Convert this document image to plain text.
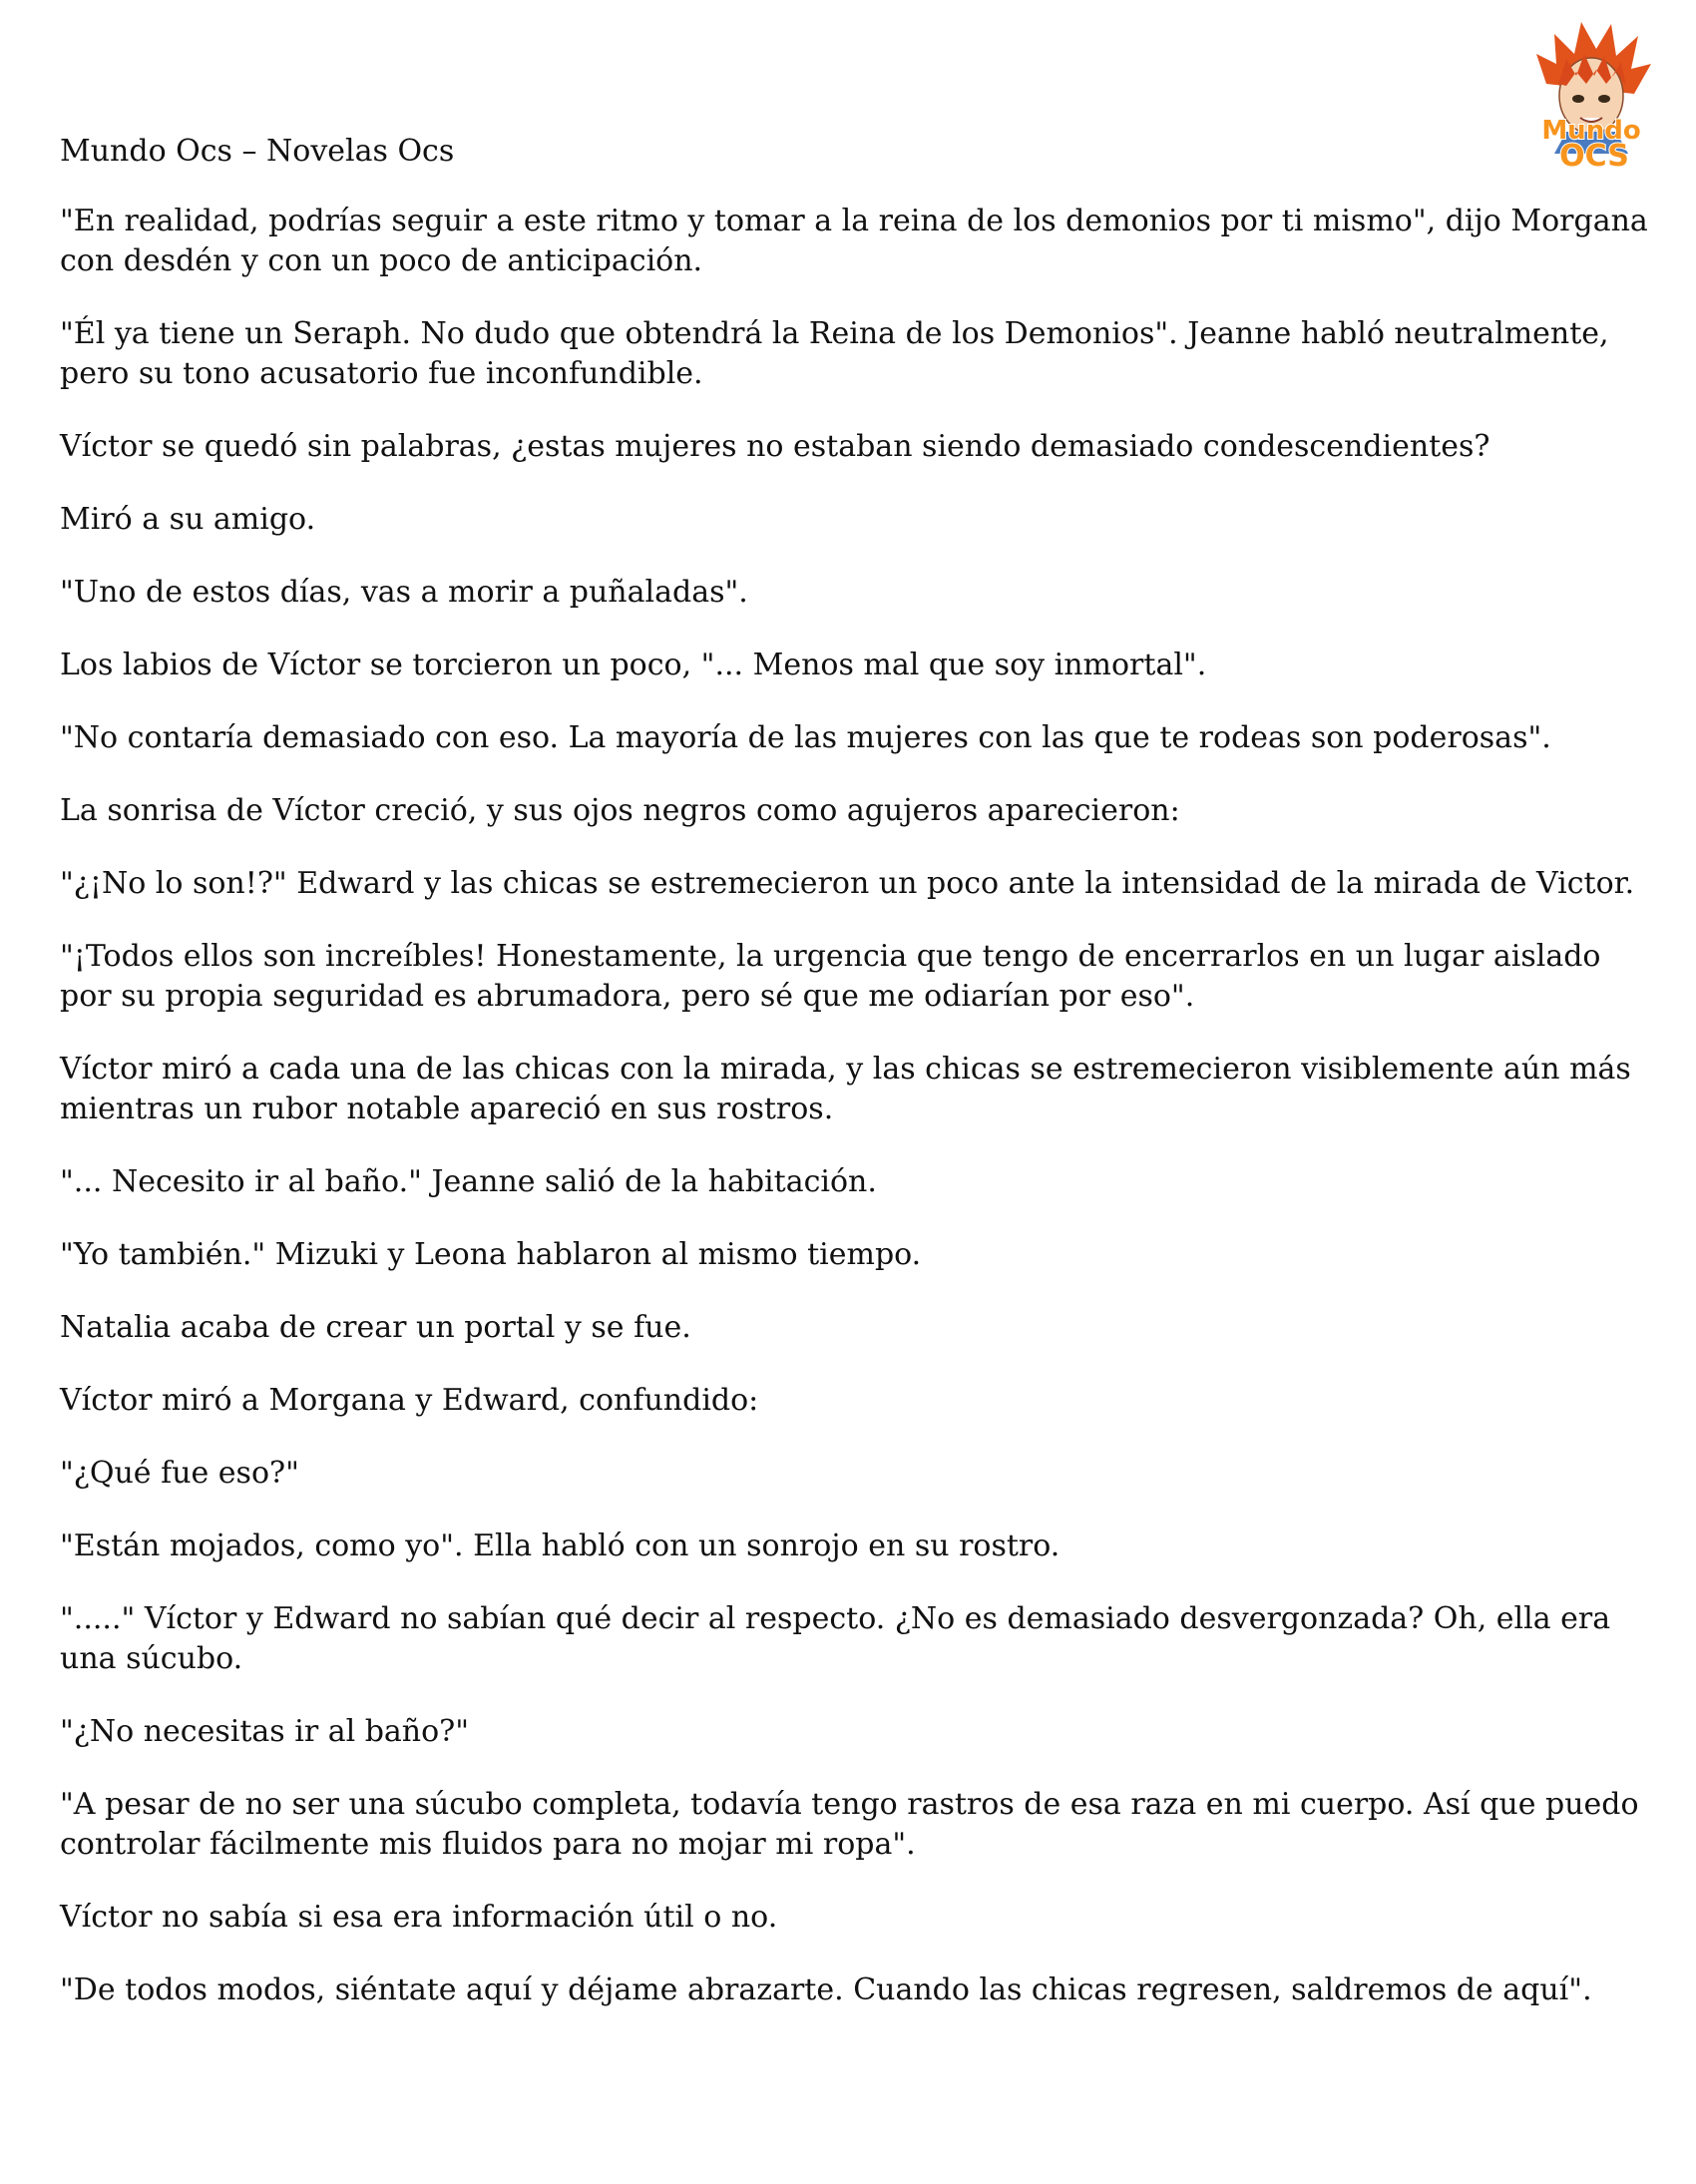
Mundo
OCS
Mundo Ocs – Novelas Ocs

"En realidad, podrías seguir a este ritmo y tomar a la reina de los demonios por ti mismo", dijo Morgana con desdén y con un poco de anticipación.

"Él ya tiene un Seraph. No dudo que obtendrá la Reina de los Demonios". Jeanne habló neutralmente, pero su tono acusatorio fue inconfundible.

Víctor se quedó sin palabras, ¿estas mujeres no estaban siendo demasiado condescendientes?

Miró a su amigo.

"Uno de estos días, vas a morir a puñaladas".

Los labios de Víctor se torcieron un poco, "... Menos mal que soy inmortal".

"No contaría demasiado con eso. La mayoría de las mujeres con las que te rodeas son poderosas".

La sonrisa de Víctor creció, y sus ojos negros como agujeros aparecieron:

"¿¡No lo son!?" Edward y las chicas se estremecieron un poco ante la intensidad de la mirada de Victor.

"¡Todos ellos son increíbles! Honestamente, la urgencia que tengo de encerrarlos en un lugar aislado por su propia seguridad es abrumadora, pero sé que me odiarían por eso".

Víctor miró a cada una de las chicas con la mirada, y las chicas se estremecieron visiblemente aún más mientras un rubor notable apareció en sus rostros.

"... Necesito ir al baño." Jeanne salió de la habitación.

"Yo también." Mizuki y Leona hablaron al mismo tiempo.

Natalia acaba de crear un portal y se fue.

Víctor miró a Morgana y Edward, confundido:

"¿Qué fue eso?"

"Están mojados, como yo". Ella habló con un sonrojo en su rostro.

"....." Víctor y Edward no sabían qué decir al respecto. ¿No es demasiado desvergonzada? Oh, ella era una súcubo.

"¿No necesitas ir al baño?"

"A pesar de no ser una súcubo completa, todavía tengo rastros de esa raza en mi cuerpo. Así que puedo controlar fácilmente mis fluidos para no mojar mi ropa".

Víctor no sabía si esa era información útil o no.

"De todos modos, siéntate aquí y déjame abrazarte. Cuando las chicas regresen, saldremos de aquí".
